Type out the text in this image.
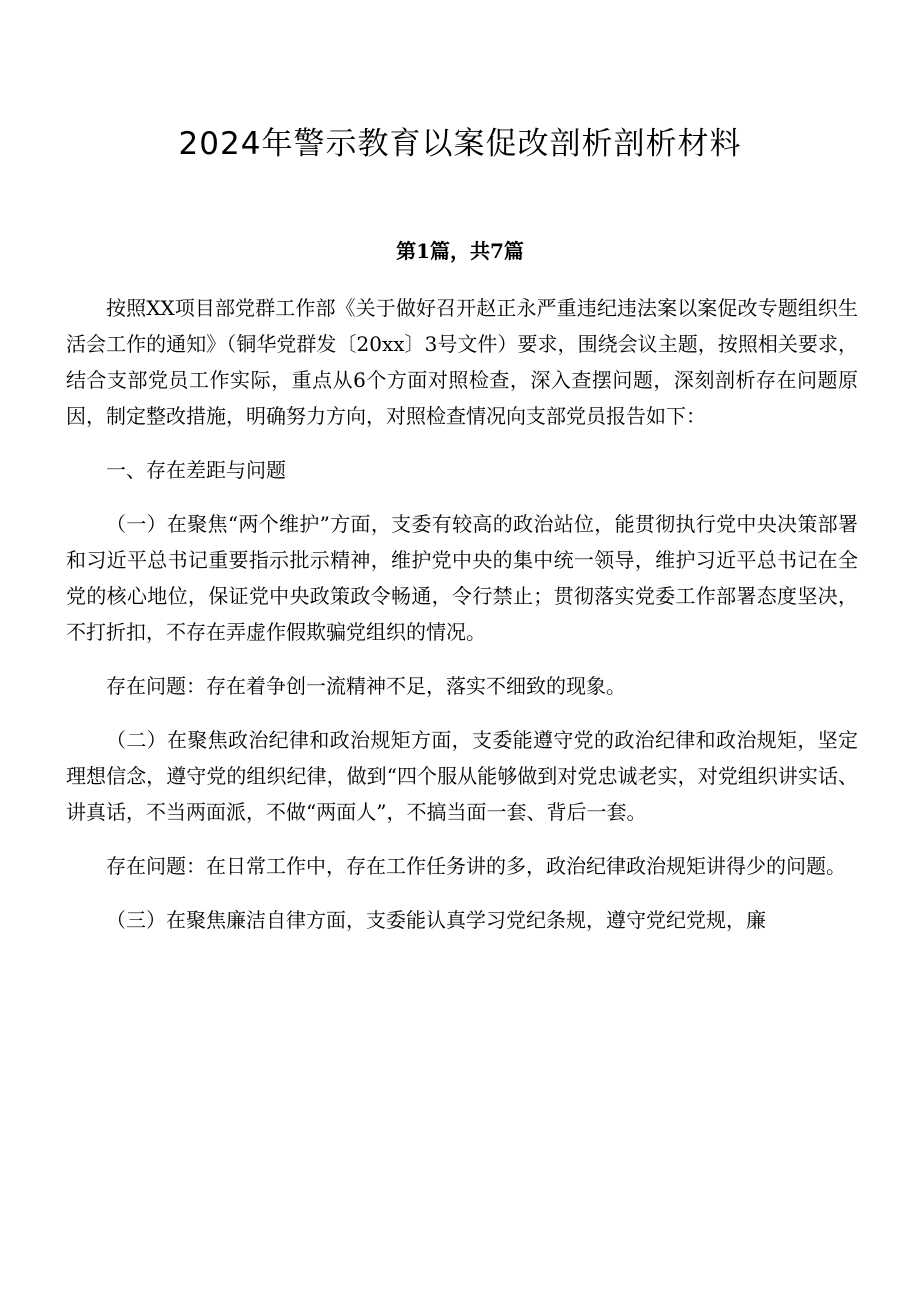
2024年警示教育以案促改剖析剖析材料
第1篇，共7篇

按照XX项目部党群工作部《关于做好召开赵正永严重违纪违法案以案促改专题组织生活会工作的通知》（铜华党群发〔20xx〕3号文件）要求，围绕会议主题，按照相关要求，结合支部党员工作实际，重点从6个方面对照检查，深入查摆问题，深刻剖析存在问题原因，制定整改措施，明确努力方向，对照检查情况向支部党员报告如下：

一、存在差距与问题

（一）在聚焦“两个维护”方面，支委有较高的政治站位，能贯彻执行党中央决策部署和习近平总书记重要指示批示精神，维护党中央的集中统一领导，维护习近平总书记在全党的核心地位，保证党中央政策政令畅通，令行禁止；贯彻落实党委工作部署态度坚决，不打折扣，不存在弄虚作假欺骗党组织的情况。

存在问题：存在着争创一流精神不足，落实不细致的现象。

（二）在聚焦政治纪律和政治规矩方面，支委能遵守党的政治纪律和政治规矩，坚定理想信念，遵守党的组织纪律，做到“四个服从能够做到对党忠诚老实，对党组织讲实话、讲真话，不当两面派，不做“两面人”，不搞当面一套、背后一套。

存在问题：在日常工作中，存在工作任务讲的多，政治纪律政治规矩讲得少的问题。

（三）在聚焦廉洁自律方面，支委能认真学习党纪条规，遵守党纪党规，廉
